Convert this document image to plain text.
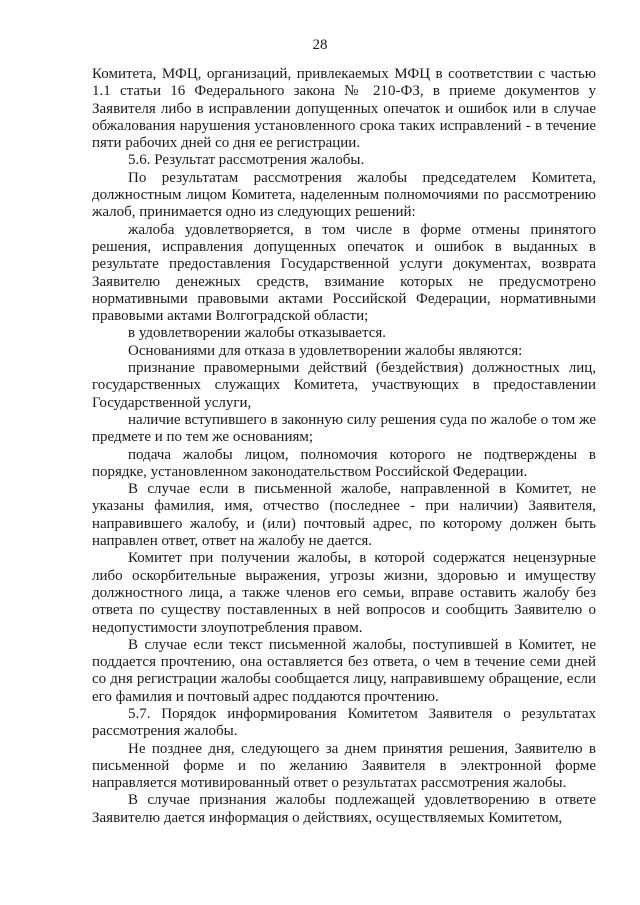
28

Комитета, МФЦ, организаций, привлекаемых МФЦ в соответствии с частью 1.1 статьи 16 Федерального закона № 210-ФЗ, в приеме документов у Заявителя либо в исправлении допущенных опечаток и ошибок или в случае обжалования нарушения установленного срока таких исправлений - в течение пяти рабочих дней со дня ее регистрации.

5.6. Результат рассмотрения жалобы.

По результатам рассмотрения жалобы председателем Комитета, должностным лицом Комитета, наделенным полномочиями по рассмотрению жалоб, принимается одно из следующих решений:

жалоба удовлетворяется, в том числе в форме отмены принятого решения, исправления допущенных опечаток и ошибок в выданных в результате предоставления Государственной услуги документах, возврата Заявителю денежных средств, взимание которых не предусмотрено нормативными правовыми актами Российской Федерации, нормативными правовыми актами Волгоградской области;

в удовлетворении жалобы отказывается.

Основаниями для отказа в удовлетворении жалобы являются:

признание правомерными действий (бездействия) должностных лиц, государственных служащих Комитета, участвующих в предоставлении Государственной услуги,

наличие вступившего в законную силу решения суда по жалобе о том же предмете и по тем же основаниям;

подача жалобы лицом, полномочия которого не подтверждены в порядке, установленном законодательством Российской Федерации.

В случае если в письменной жалобе, направленной в Комитет, не указаны фамилия, имя, отчество (последнее - при наличии) Заявителя, направившего жалобу, и (или) почтовый адрес, по которому должен быть направлен ответ, ответ на жалобу не дается.

Комитет при получении жалобы, в которой содержатся нецензурные либо оскорбительные выражения, угрозы жизни, здоровью и имуществу должностного лица, а также членов его семьи, вправе оставить жалобу без ответа по существу поставленных в ней вопросов и сообщить Заявителю о недопустимости злоупотребления правом.

В случае если текст письменной жалобы, поступившей в Комитет, не поддается прочтению, она оставляется без ответа, о чем в течение семи дней со дня регистрации жалобы сообщается лицу, направившему обращение, если его фамилия и почтовый адрес поддаются прочтению.

5.7. Порядок информирования Комитетом Заявителя о результатах рассмотрения жалобы.

Не позднее дня, следующего за днем принятия решения, Заявителю в письменной форме и по желанию Заявителя в электронной форме направляется мотивированный ответ о результатах рассмотрения жалобы.

В случае признания жалобы подлежащей удовлетворению в ответе Заявителю дается информация о действиях, осуществляемых Комитетом,
